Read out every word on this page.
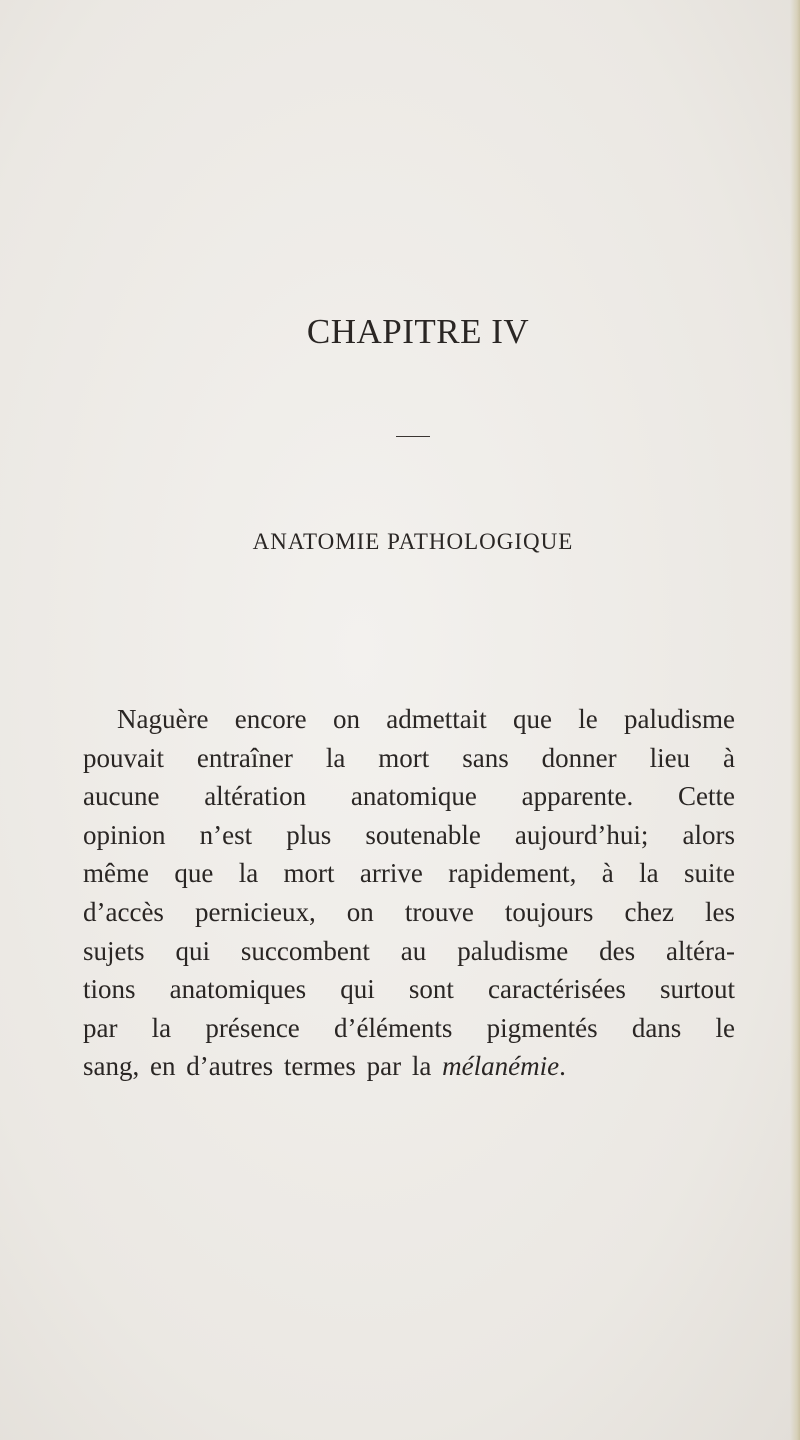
CHAPITRE IV
ANATOMIE PATHOLOGIQUE

Naguère encore on admettait que le paludisme
pouvait entraîner la mort sans donner lieu à
aucune altération anatomique apparente. Cette
opinion n’est plus soutenable aujourd’hui; alors
même que la mort arrive rapidement, à la suite
d’accès pernicieux, on trouve toujours chez les
sujets qui succombent au paludisme des altéra-
tions anatomiques qui sont caractérisées surtout
par la présence d’éléments pigmentés dans le
sang, en d’autres termes par la mélanémie.
